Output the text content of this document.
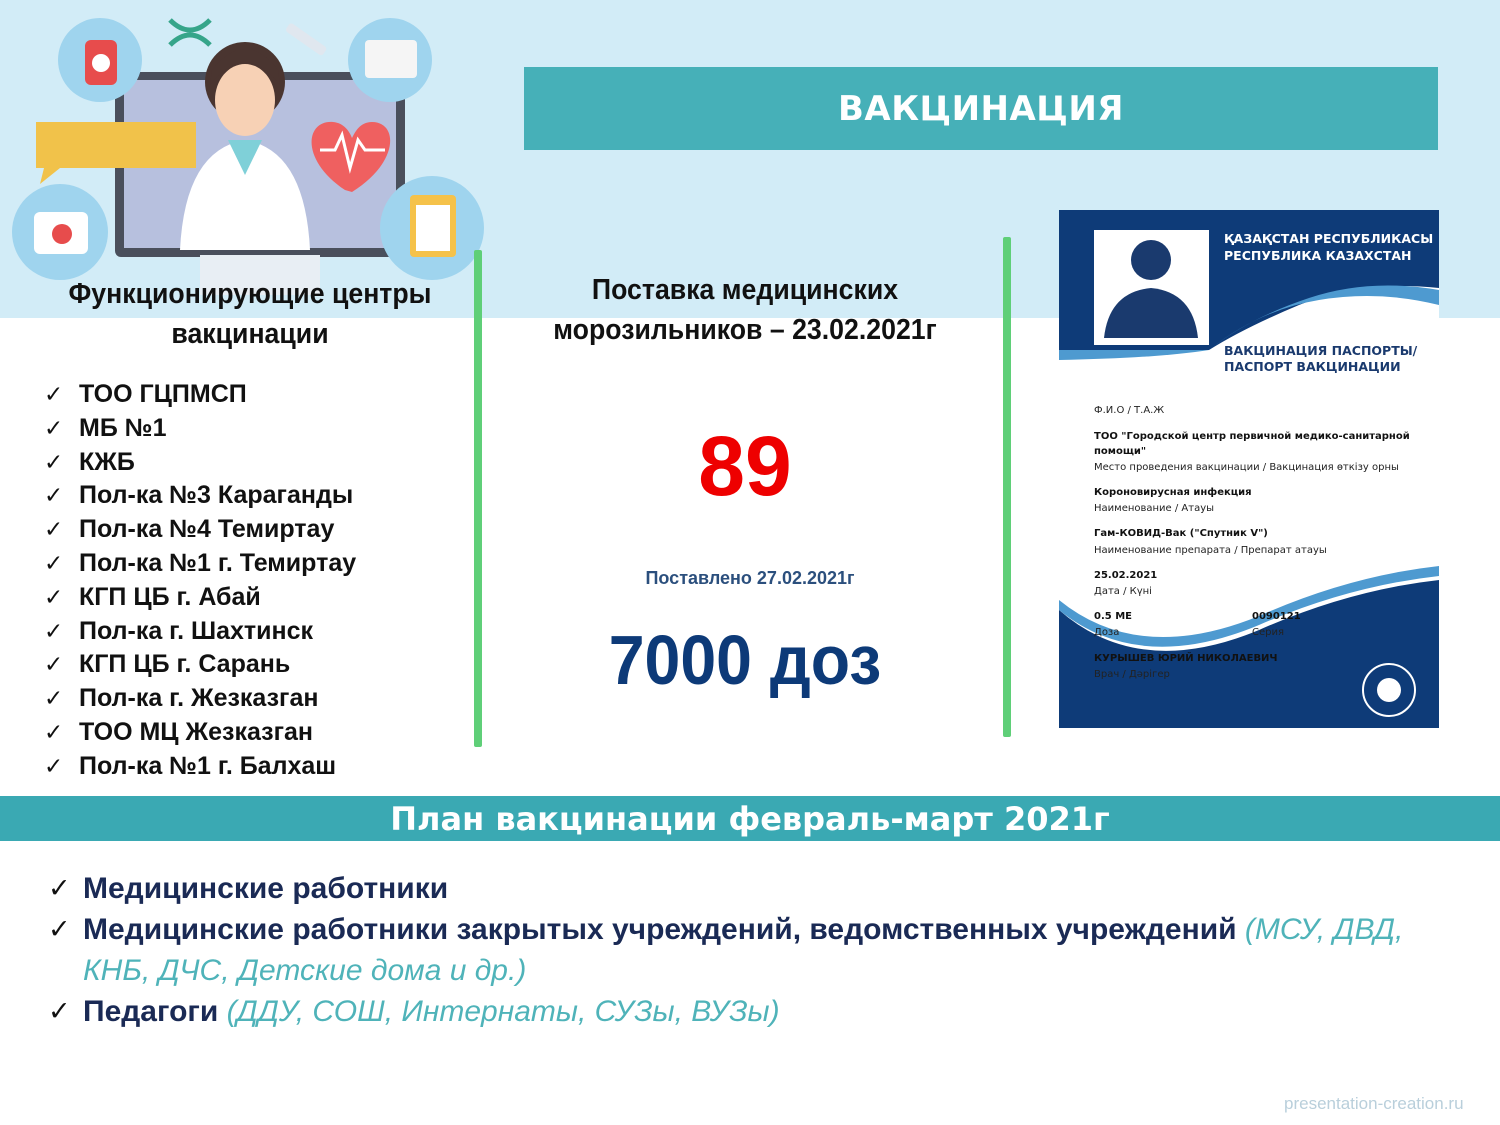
ВАКЦИНАЦИЯ
Функционирующие центры вакцинации
✓ ТОО ГЦПМСП
✓ МБ №1
✓ КЖБ
✓ Пол-ка №3 Караганды
✓ Пол-ка №4 Темиртау
✓ Пол-ка №1 г. Темиртау
✓ КГП ЦБ г. Абай
✓ Пол-ка г. Шахтинск
✓ КГП ЦБ г. Сарань
✓ Пол-ка г. Жезказган
✓ ТОО МЦ Жезказган
✓ Пол-ка №1 г. Балхаш
Поставка медицинских морозильников – 23.02.2021г
89
Поставлено 27.02.2021г
7000 доз
ҚАЗАҚСТАН РЕСПУБЛИКАСЫ
РЕСПУБЛИКА КАЗАХСТАН
ВАКЦИНАЦИЯ ПАСПОРТЫ/
ПАСПОРТ ВАКЦИНАЦИИ
Ф.И.О / Т.А.Ж
ТОО "Городской центр первичной медико-санитарной
помощи"
Место проведения вакцинации / Вакцинация өткізу орны
Короновирусная инфекция
Наименование / Атауы
Гам-КОВИД-Вак ("Спутник V")
Наименование препарата / Препарат атауы
25.02.2021
Дата / Күні
0.5 МЕ
Доза
0090121
Серия
КУРЫШЕВ ЮРИЙ НИКОЛАЕВИЧ
Врач / Дәрігер
План вакцинации февраль-март 2021г
✓ Медицинские работники
✓ Медицинские работники закрытых учреждений, ведомственных учреждений (МСУ, ДВД, КНБ, ДЧС, Детские дома и др.)
✓ Педагоги (ДДУ, СОШ, Интернаты, СУЗы, ВУЗы)
presentation-creation.ru
